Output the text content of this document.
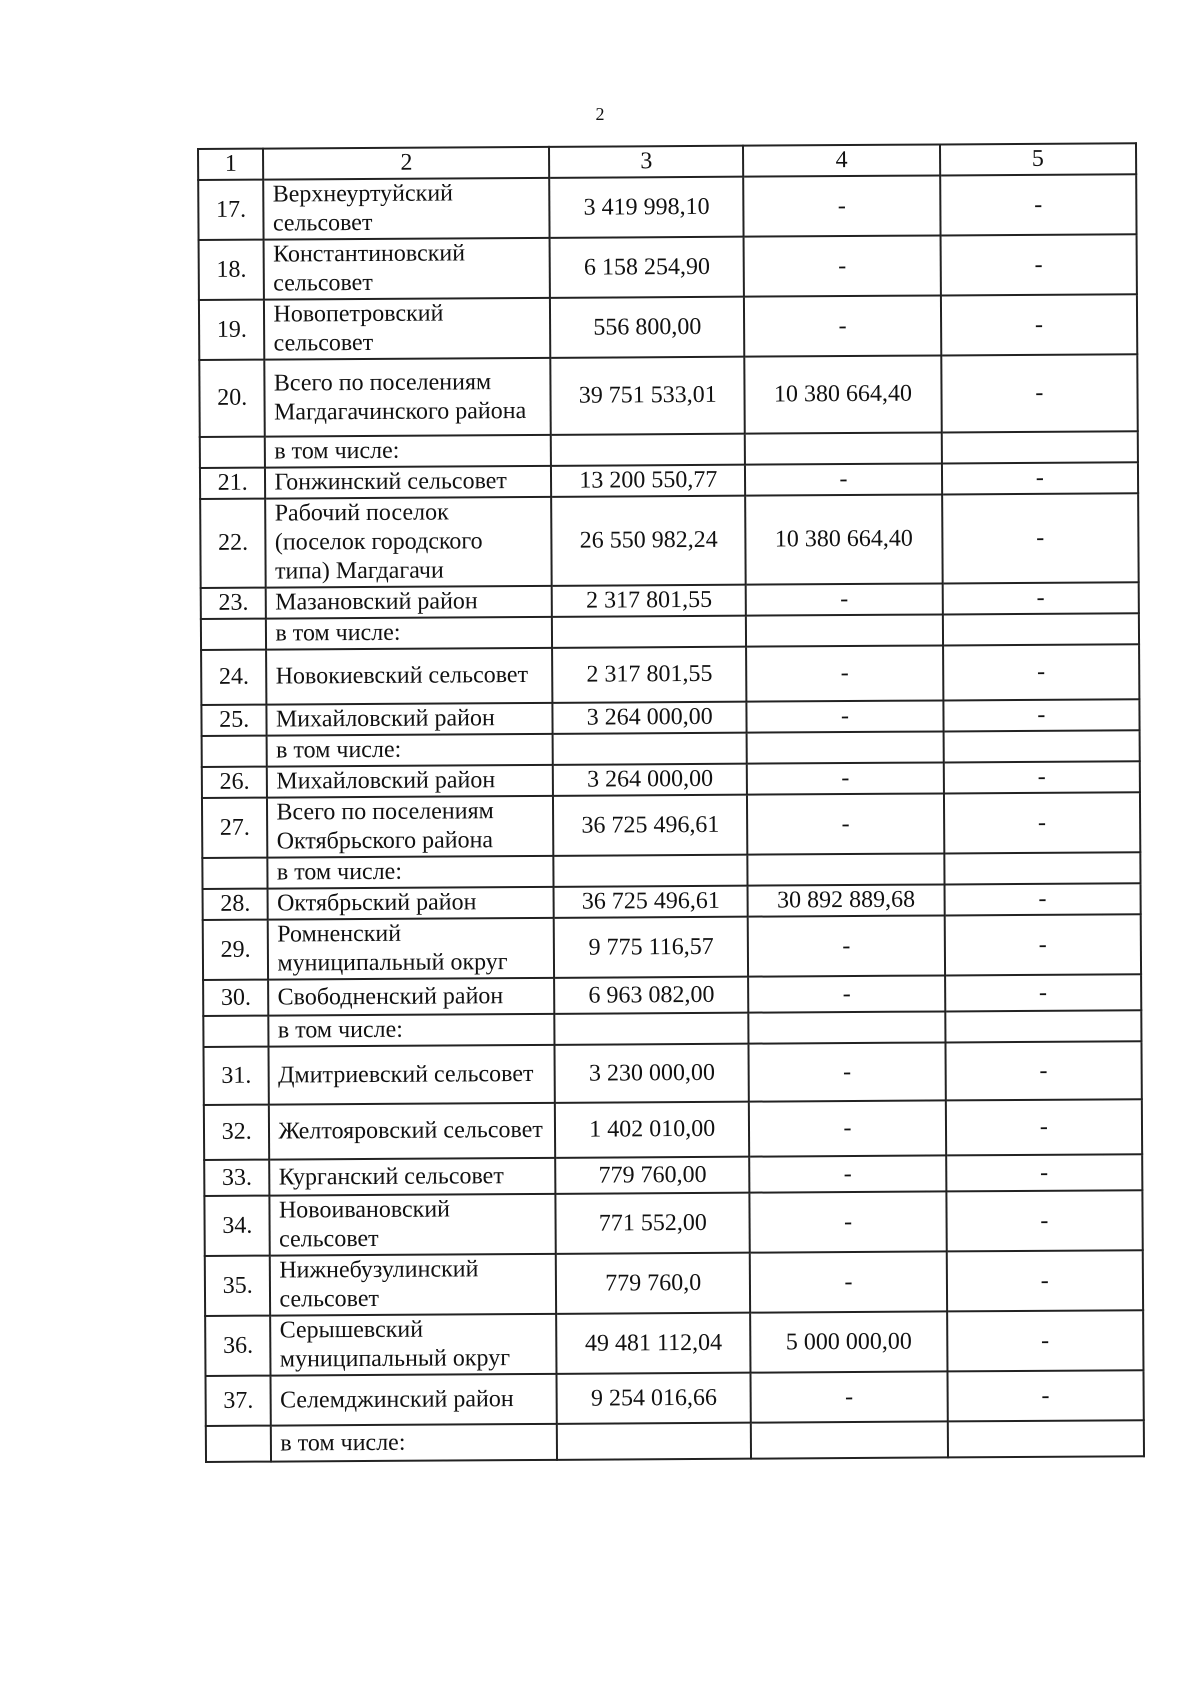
2
1	2	3	4	5
17.	Верхнеуртуйский сельсовет	3 419 998,10	-	-
18.	Константиновский сельсовет	6 158 254,90	-	-
19.	Новопетровский сельсовет	556 800,00	-	-
20.	Всего по поселениям Магдагачинского района	39 751 533,01	10 380 664,40	-
	в том числе:			
21.	Гонжинский сельсовет	13 200 550,77	-	-
22.	Рабочий поселок (поселок городского типа) Магдагачи	26 550 982,24	10 380 664,40	-
23.	Мазановский район	2 317 801,55	-	-
	в том числе:			
24.	Новокиевский сельсовет	2 317 801,55	-	-
25.	Михайловский район	3 264 000,00	-	-
	в том числе:			
26.	Михайловский район	3 264 000,00	-	-
27.	Всего по поселениям Октябрьского района	36 725 496,61	-	-
	в том числе:			
28.	Октябрьский район	36 725 496,61	30 892 889,68	-
29.	Ромненский муниципальный округ	9 775 116,57	-	-
30.	Свободненский район	6 963 082,00	-	-
	в том числе:			
31.	Дмитриевский сельсовет	3 230 000,00	-	-
32.	Желтояровский сельсовет	1 402 010,00	-	-
33.	Курганский сельсовет	779 760,00	-	-
34.	Новоивановский сельсовет	771 552,00	-	-
35.	Нижнебузулинский сельсовет	779 760,0	-	-
36.	Серышевский муниципальный округ	49 481 112,04	5 000 000,00	-
37.	Селемджинский район	9 254 016,66	-	-
	в том числе:			
